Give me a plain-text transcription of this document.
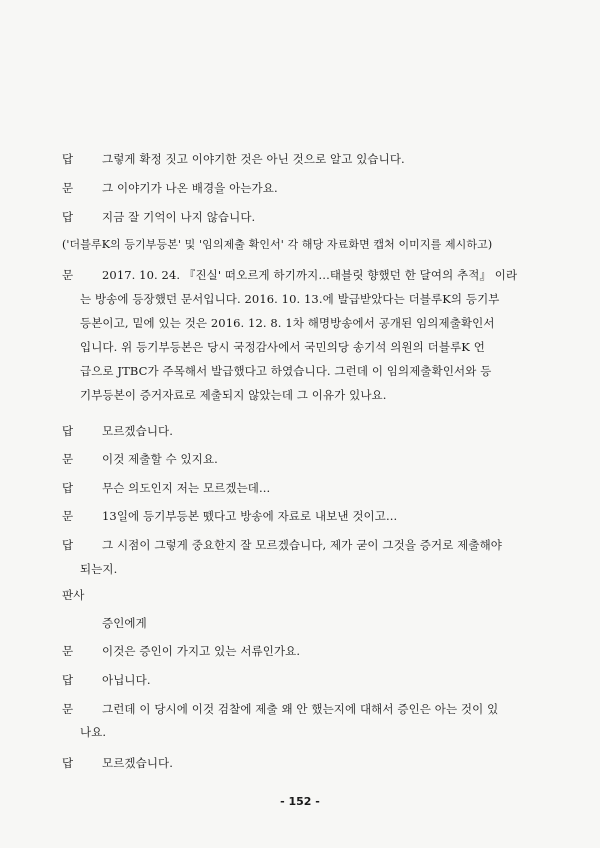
답	그렇게 확정 짓고 이야기한 것은 아닌 것으로 알고 있습니다.
문	그 이야기가 나온 배경을 아는가요.
답	지금 잘 기억이 나지 않습니다.
('더블루K의 등기부등본' 및 '임의제출 확인서' 각 해당 자료화면 캡처 이미지를 제시하고)
문	2017. 10. 24. 『진실' 떠오르게 하기까지…태블릿 향했던 한 달여의 추적』 이라
는 방송에 등장했던 문서입니다. 2016. 10. 13.에 발급받았다는 더블루K의 등기부
등본이고, 밑에 있는 것은 2016. 12. 8. 1차 해명방송에서 공개된 임의제출확인서
입니다. 위 등기부등본은 당시 국정감사에서 국민의당 송기석 의원의 더블루K 언
급으로 JTBC가 주목해서 발급했다고 하였습니다. 그런데 이 임의제출확인서와 등
기부등본이 증거자료로 제출되지 않았는데 그 이유가 있나요.
답	모르겠습니다.
문	이것 제출할 수 있지요.
답	무슨 의도인지 저는 모르겠는데...
문	13일에 등기부등본 뗐다고 방송에 자료로 내보낸 것이고...
답	그 시점이 그렇게 중요한지 잘 모르겠습니다, 제가 굳이 그것을 증거로 제출해야
되는지.
판사
증인에게
문	이것은 증인이 가지고 있는 서류인가요.
답	아닙니다.
문	그런데 이 당시에 이것 검찰에 제출 왜 안 했는지에 대해서 증인은 아는 것이 있
나요.
답	모르겠습니다.
- 152 -
